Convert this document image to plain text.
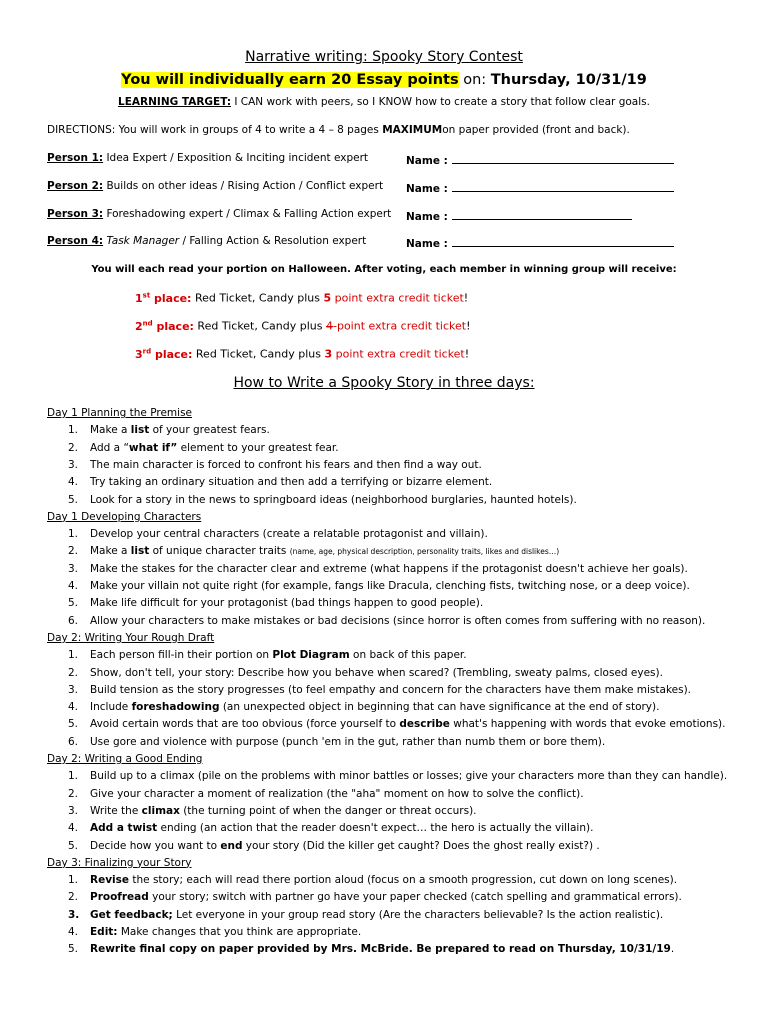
Narrative writing: Spooky Story Contest
You will individually earn 20 Essay points on: Thursday, 10/31/19
LEARNING TARGET: I CAN work with peers, so I KNOW how to create a story that follow clear goals.
DIRECTIONS: You will work in groups of 4 to write a 4 – 8 pages MAXIMUMon paper provided (front and back).
Person 1: Idea Expert / Exposition & Inciting incident expert	Name :
Person 2: Builds on other ideas / Rising Action / Conflict expert Name :
Person 3: Foreshadowing expert / Climax & Falling Action expert Name :
Person 4: Task Manager / Falling Action & Resolution expert	Name :
You will each read your portion on Halloween. After voting, each member in winning group will receive:
1st place: Red Ticket, Candy plus 5 point extra credit ticket!
2nd place: Red Ticket, Candy plus 4-point extra credit ticket!
3rd place: Red Ticket, Candy plus 3 point extra credit ticket!
How to Write a Spooky Story in three days:
Day 1 Planning the Premise
1. Make a list of your greatest fears.
2. Add a “what if” element to your greatest fear.
3. The main character is forced to confront his fears and then find a way out.
4. Try taking an ordinary situation and then add a terrifying or bizarre element.
5. Look for a story in the news to springboard ideas (neighborhood burglaries, haunted hotels).
Day 1 Developing Characters
1. Develop your central characters (create a relatable protagonist and villain).
2. Make a list of unique character traits (name, age, physical description, personality traits, likes and dislikes…)
3. Make the stakes for the character clear and extreme (what happens if the protagonist doesn't achieve her goals).
4. Make your villain not quite right (for example, fangs like Dracula, clenching fists, twitching nose, or a deep voice).
5. Make life difficult for your protagonist (bad things happen to good people).
6. Allow your characters to make mistakes or bad decisions (since horror is often comes from suffering with no reason).
Day 2: Writing Your Rough Draft
1. Each person fill-in their portion on Plot Diagram on back of this paper.
2. Show, don't tell, your story: Describe how you behave when scared? (Trembling, sweaty palms, closed eyes).
3. Build tension as the story progresses (to feel empathy and concern for the characters have them make mistakes).
4. Include foreshadowing (an unexpected object in beginning that can have significance at the end of story).
5. Avoid certain words that are too obvious (force yourself to describe what's happening with words that evoke emotions).
6. Use gore and violence with purpose (punch 'em in the gut, rather than numb them or bore them).
Day 2: Writing a Good Ending
1. Build up to a climax (pile on the problems with minor battles or losses; give your characters more than they can handle).
2. Give your character a moment of realization (the "aha" moment on how to solve the conflict).
3. Write the climax (the turning point of when the danger or threat occurs).
4. Add a twist ending (an action that the reader doesn't expect… the hero is actually the villain).
5. Decide how you want to end your story (Did the killer get caught? Does the ghost really exist?) .
Day 3: Finalizing your Story
1. Revise the story; each will read there portion aloud (focus on a smooth progression, cut down on long scenes).
2. Proofread your story; switch with partner go have your paper checked (catch spelling and grammatical errors).
3. Get feedback; Let everyone in your group read story (Are the characters believable? Is the action realistic).
4. Edit: Make changes that you think are appropriate.
5. Rewrite final copy on paper provided by Mrs. McBride. Be prepared to read on Thursday, 10/31/19.
